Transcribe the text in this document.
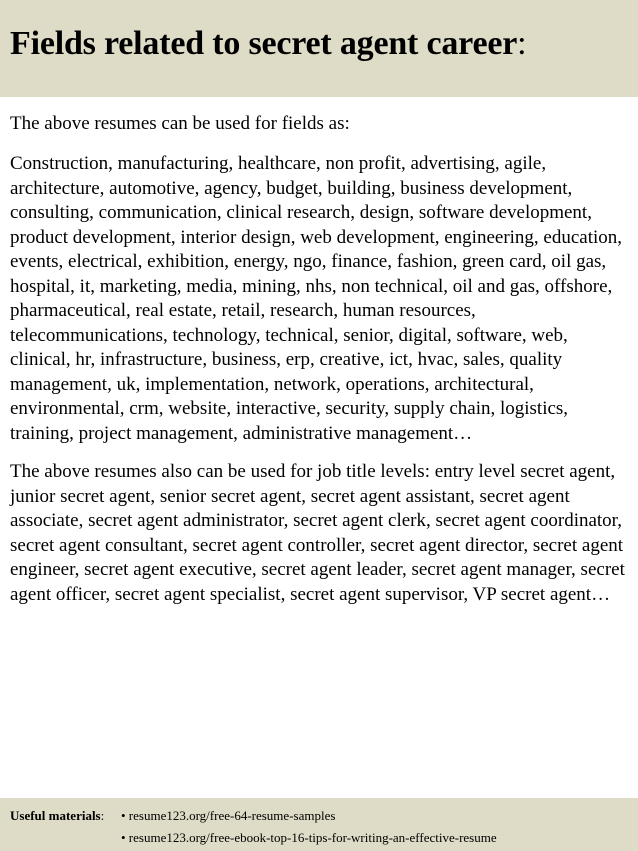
Fields related to secret agent career:

The above resumes can be used for fields as:

Construction, manufacturing, healthcare, non profit, advertising, agile, architecture, automotive, agency, budget, building, business development, consulting, communication, clinical research, design, software development, product development, interior design, web development, engineering, education, events, electrical, exhibition, energy, ngo, finance, fashion, green card, oil gas, hospital, it, marketing, media, mining, nhs, non technical, oil and gas, offshore, pharmaceutical, real estate, retail, research, human resources, telecommunications, technology, technical, senior, digital, software, web, clinical, hr, infrastructure, business, erp, creative, ict, hvac, sales, quality management, uk, implementation, network, operations, architectural, environmental, crm, website, interactive, security, supply chain, logistics, training, project management, administrative management…

The above resumes also can be used for job title levels: entry level secret agent, junior secret agent, senior secret agent, secret agent assistant, secret agent associate, secret agent administrator, secret agent clerk, secret agent coordinator, secret agent consultant, secret agent controller, secret agent director, secret agent engineer, secret agent executive, secret agent leader, secret agent manager, secret agent officer, secret agent specialist, secret agent supervisor, VP secret agent…

Useful materials: • resume123.org/free-64-resume-samples
• resume123.org/free-ebook-top-16-tips-for-writing-an-effective-resume
